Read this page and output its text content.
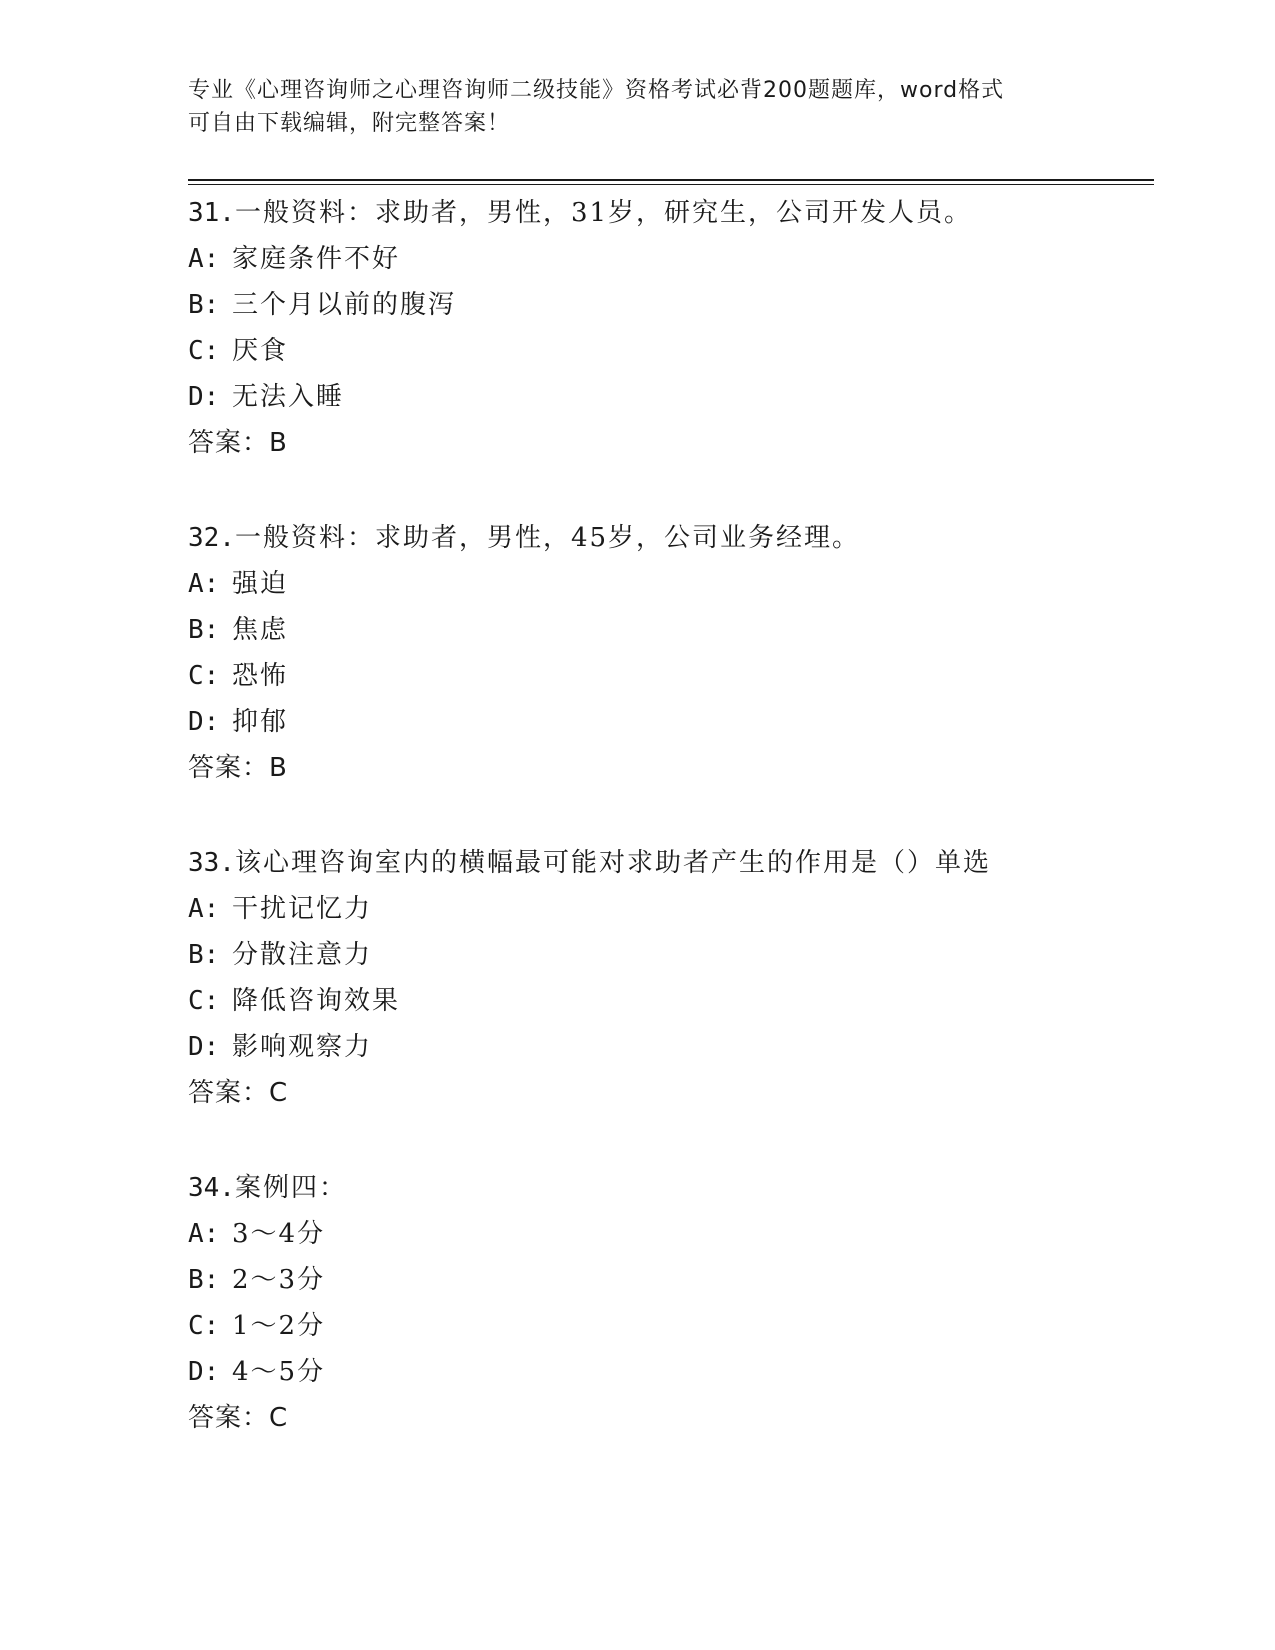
专业《心理咨询师之心理咨询师二级技能》资格考试必背200题题库，word格式
可自由下载编辑，附完整答案！
31.一般资料：求助者，男性，31岁，研究生，公司开发人员。
A: 家庭条件不好
B: 三个月以前的腹泻
C: 厌食
D: 无法入睡
答案：B
32.一般资料：求助者，男性，45岁，公司业务经理。
A: 强迫
B: 焦虑
C: 恐怖
D: 抑郁
答案：B
33.该心理咨询室内的横幅最可能对求助者产生的作用是（）单选
A: 干扰记忆力
B: 分散注意力
C: 降低咨询效果
D: 影响观察力
答案：C
34.案例四：
A: 3～4分
B: 2～3分
C: 1～2分
D: 4～5分
答案：C
